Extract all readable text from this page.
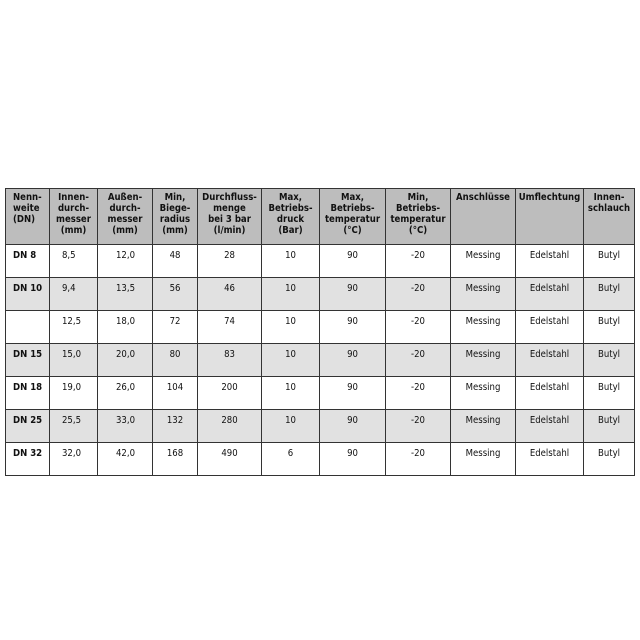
Nenn-
weite
(DN)	Innen-
durch-
messer
(mm)	Außen-
durch-
messer
(mm)	Min,
Biege-
radius
(mm)	Durchfluss-
menge
bei 3 bar
(l/min)	Max,
Betriebs-
druck
(Bar)	Max,
Betriebs-
temperatur
(°C)	Min,
Betriebs-
temperatur
(°C)	Anschlüsse	Umflechtung	Innen-
schlauch
DN 8	8,5	12,0	48	28	10	90	-20	Messing	Edelstahl	Butyl
DN 10	9,4	13,5	56	46	10	90	-20	Messing	Edelstahl	Butyl
	12,5	18,0	72	74	10	90	-20	Messing	Edelstahl	Butyl
DN 15	15,0	20,0	80	83	10	90	-20	Messing	Edelstahl	Butyl
DN 18	19,0	26,0	104	200	10	90	-20	Messing	Edelstahl	Butyl
DN 25	25,5	33,0	132	280	10	90	-20	Messing	Edelstahl	Butyl
DN 32	32,0	42,0	168	490	6	90	-20	Messing	Edelstahl	Butyl
